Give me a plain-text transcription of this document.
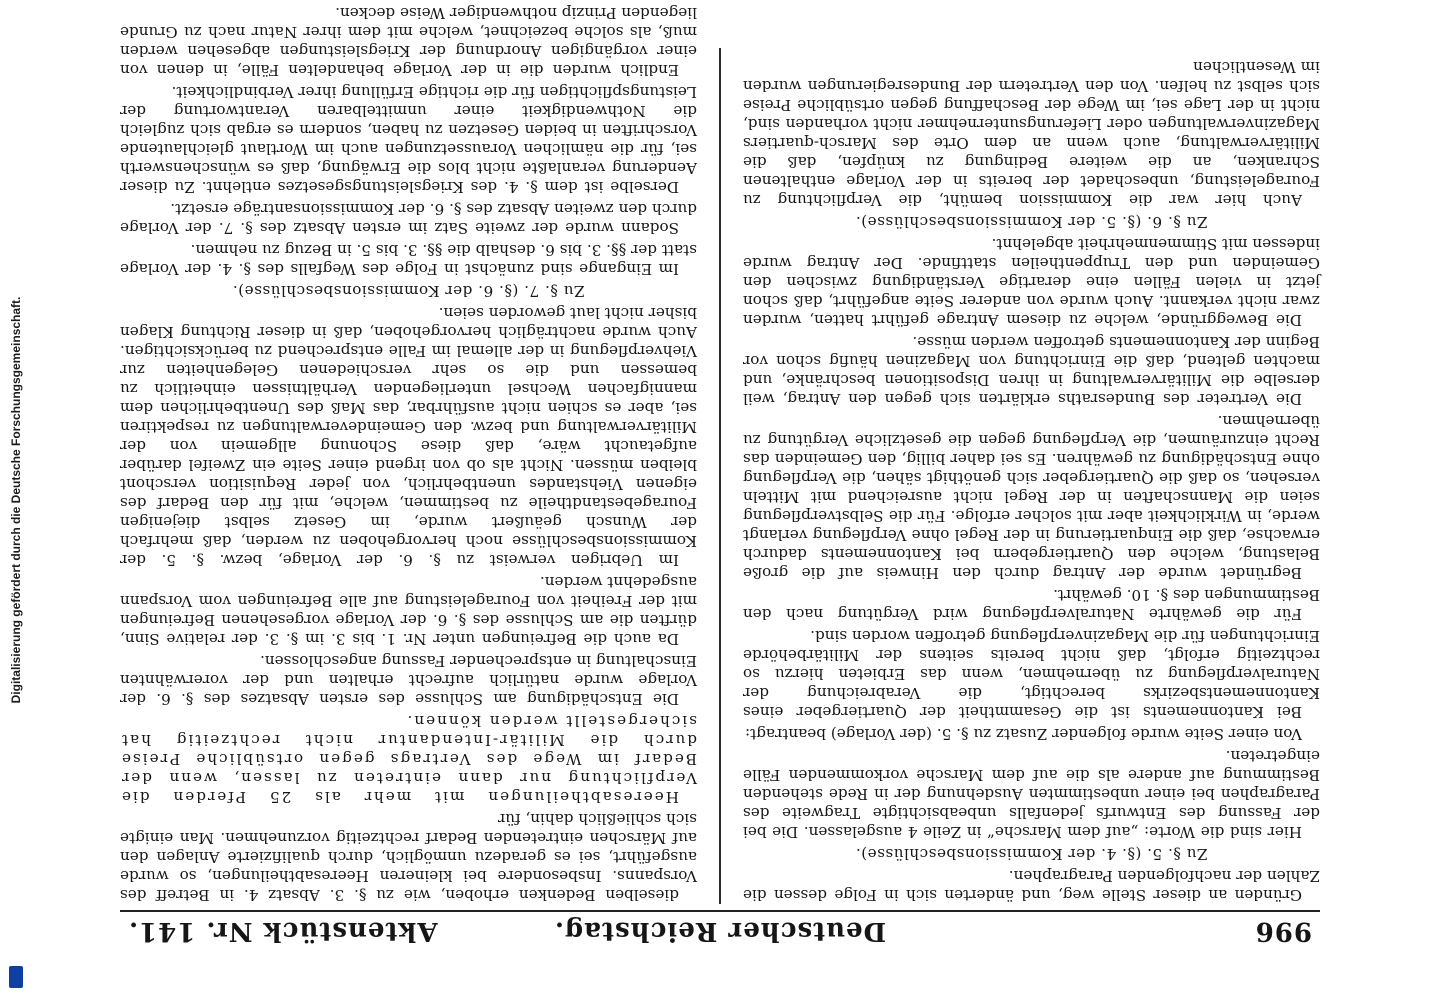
Digitalisierung gefördert durch die Deutsche Forschungsgemeinschaft.
996
Deutscher Reichstag.
Aktenstück Nr. 141.

Gründen an dieser Stelle weg, und änderten sich in Folge dessen die Zahlen der nachfolgenden Paragraphen.

Zu §. 5. (§. 4. der Kommissionsbeschlüsse).

Hier sind die Worte: „auf dem Marsche“ in Zeile 4 ausgelassen. Die bei der Fassung des Entwurfs jedenfalls unbeabsichtigte Tragweite des Paragraphen bei einer unbestimmten Ausdehnung der in Rede stehenden Bestimmung auf andere als die auf dem Marsche vorkommenden Fälle eingetreten.

Von einer Seite wurde folgender Zusatz zu §. 5. (der Vorlage) beantragt:

Bei Kantonnements ist die Gesammtheit der Quartiergeber eines Kantonnementsbezirks berechtigt, die Verabreichung der Naturalverpflegung zu übernehmen, wenn das Erbieten hierzu so rechtzeitig erfolgt, daß nicht bereits seitens der Militärbehörde Einrichtungen für die Magazinverpflegung getroffen worden sind.

Für die gewährte Naturalverpflegung wird Vergütung nach den Bestimmungen des §. 10. gewährt.

Begründet wurde der Antrag durch den Hinweis auf die große Belastung, welche den Quartiergebern bei Kantonnements dadurch erwachse, daß die Einquartierung in der Regel ohne Verpflegung verlangt werde, in Wirklichkeit aber mit solcher erfolge. Für die Selbstverpflegung seien die Mannschaften in der Regel nicht ausreichend mit Mitteln versehen, so daß die Quartiergeber sich genöthigt sähen, die Verpflegung ohne Entschädigung zu gewähren. Es sei daher billig, den Gemeinden das Recht einzuräumen, die Verpflegung gegen die gesetzliche Vergütung zu übernehmen.

Die Vertreter des Bundesraths erklärten sich gegen den Antrag, weil derselbe die Militärverwaltung in ihren Dispositionen beschränke, und machten geltend, daß die Einrichtung von Magazinen häufig schon vor Beginn der Kantonnements getroffen werden müsse.

Die Beweggründe, welche zu diesem Antrage geführt hatten, wurden zwar nicht verkannt. Auch wurde von anderer Seite angeführt, daß schon jetzt in vielen Fällen eine derartige Verständigung zwischen den Gemeinden und den Truppentheilen stattfinde. Der Antrag wurde indessen mit Stimmenmehrheit abgelehnt.

Zu §. 6. (§. 5. der Kommissionsbeschlüsse).

Auch hier war die Kommission bemüht, die Verpflichtung zu Fourageleistung, unbeschadet der bereits in der Vorlage enthaltenen Schranken, an die weitere Bedingung zu knüpfen, daß die Militärverwaltung, auch wenn an dem Orte des Marsch-quartiers Magazinverwaltungen oder Lieferungsunternehmer nicht vorhanden sind, nicht in der Lage sei, im Wege der Beschaffung gegen ortsübliche Preise sich selbst zu helfen. Von den Vertretern der Bundesregierungen wurden im Wesentlichen

dieselben Bedenken erhoben, wie zu §. 3. Absatz 4. in Betreff des Vorspanns. Insbesondere bei kleineren Heeresabtheilungen, so wurde ausgeführt, sei es geradezu unmöglich, durch qualifizierte Anlagen den auf Märschen eintretenden Bedarf rechtzeitig vorzunehmen. Man einigte sich schließlich dahin, für

Heeresabtheilungen mit mehr als 25 Pferden die Verpflichtung nur dann eintreten zu lassen, wenn der Bedarf im Wege des Vertrags gegen ortsübliche Preise durch die Militär-Intendantur nicht rechtzeitig hat sichergestellt werden können.

Die Entschädigung am Schlusse des ersten Absatzes des §. 6. der Vorlage wurde natürlich aufrecht erhalten und der vorerwähnten Einschaltung in entsprechender Fassung angeschlossen.

Da auch die Befreiungen unter Nr. 1. bis 3. im §. 3. der relative Sinn, dürften die am Schlusse des §. 6. der Vorlage vorgesehenen Befreiungen mit der Freiheit von Fourageleistung auf alle Befreiungen vom Vorspann ausgedehnt werden.

Im Uebrigen verweist zu §. 6. der Vorlage, bezw. §. 5. der Kommissionsbeschlüsse noch hervorgehoben zu werden, daß mehrfach der Wunsch geäußert wurde, im Gesetz selbst diejenigen Fouragebestandtheile zu bestimmen, welche, mit für den Bedarf des eigenen Viehstandes unentbehrlich, von jeder Requisition verschont bleiben müssen. Nicht als ob von irgend einer Seite ein Zweifel darüber aufgetaucht wäre, daß diese Schonung allgemein von der Militärverwaltung und bezw. den Gemeindeverwaltungen zu respektiren sei, aber es schien nicht ausführbar, das Maß des Unentbehrlichen dem mannigfachen Wechsel unterliegenden Verhältnissen einheitlich zu bemessen und die so sehr verschiedenen Gelegenheiten zur Viehverpflegung in der allemal im Falle entsprechend zu berücksichtigen. Auch wurde nachträglich hervorgehoben, daß in dieser Richtung Klagen bisher nicht laut geworden seien.

Zu §. 7. (§. 6. der Kommissionsbeschlüsse).

Im Eingange sind zunächst in Folge des Wegfalls des §. 4. der Vorlage statt der §§. 3. bis 6. deshalb die §§. 3. bis 5. in Bezug zu nehmen.

Sodann wurde der zweite Satz im ersten Absatz des §. 7. der Vorlage durch den zweiten Absatz des §. 6. der Kommissionsanträge ersetzt.

Derselbe ist dem §. 4. des Kriegsleistungsgesetzes entlehnt. Zu dieser Aenderung veranlaßte nicht blos die Erwägung, daß es wünschenswerth sei, für die nämlichen Voraussetzungen auch im Wortlaut gleichlautende Vorschriften in beiden Gesetzen zu haben, sondern es ergab sich zugleich die Nothwendigkeit einer unmittelbaren Verantwortung der Leistungspflichtigen für die richtige Erfüllung ihrer Verbindlichkeit.

Endlich wurden die in der Vorlage behandelten Fälle, in denen von einer vorgängigen Anordnung der Kriegsleistungen abgesehen werden muß, als solche bezeichnet, welche mit dem ihrer Natur nach zu Grunde liegenden Prinzip nothwendiger Weise decken.
